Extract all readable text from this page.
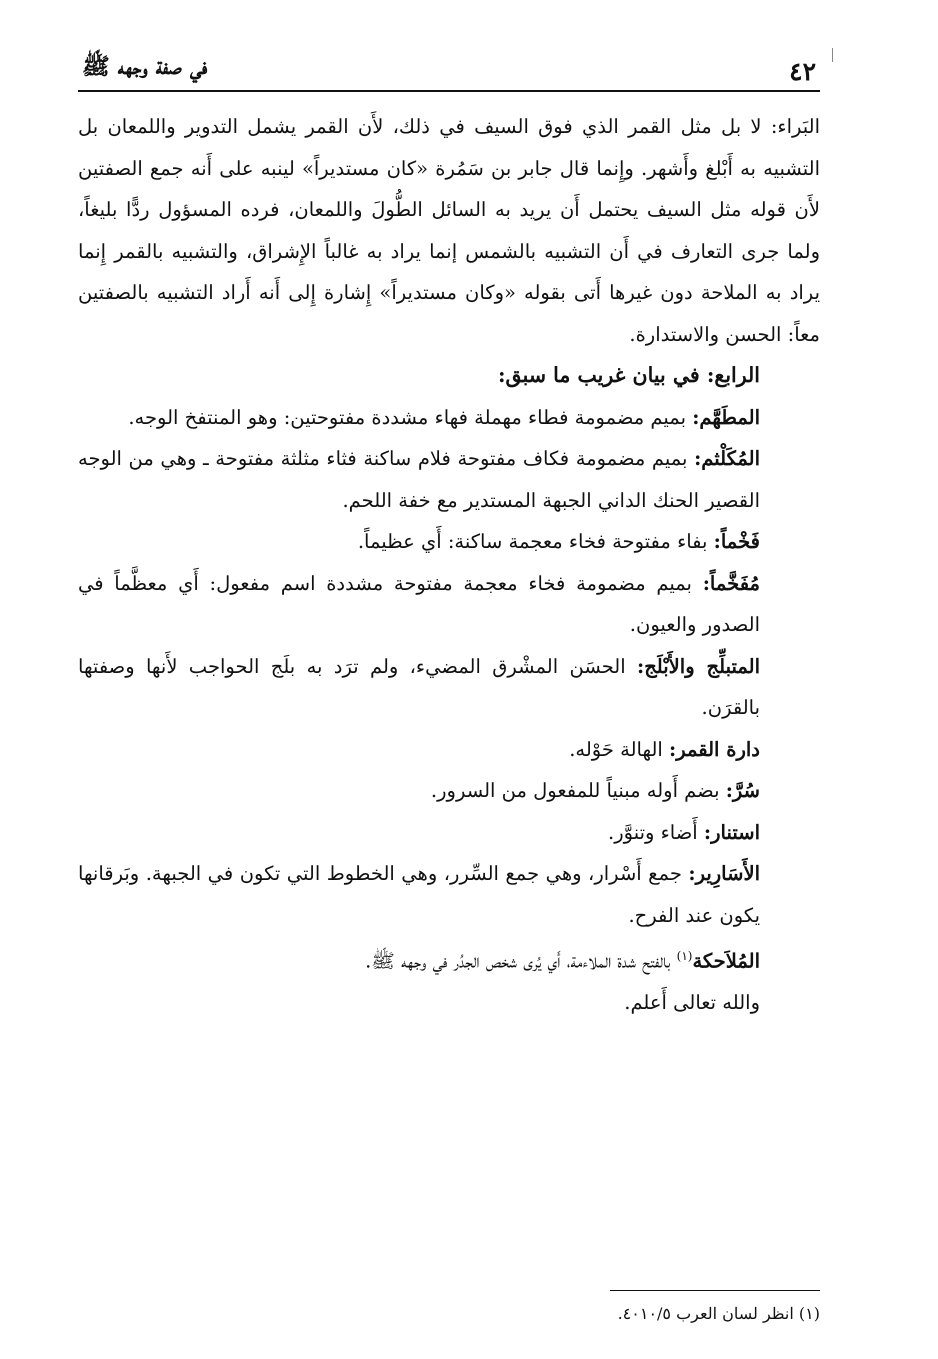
٤٢
في صفة وجهه ﷺ

البَراء: لا بل مثل القمر الذي فوق السيف في ذلك، لأَن القمر يشمل التدوير واللمعان بل التشبيه به أَبْلغ وأَشهر. وإِنما قال جابر بن سَمُرة «كان مستديراً» لينبه على أَنه جمع الصفتين لأَن قوله مثل السيف يحتمل أَن يريد به السائل الطُّولَ واللمعان، فرده المسؤول ردًّا بليغاً، ولما جرى التعارف في أَن التشبيه بالشمس إنما يراد به غالباً الإِشراق، والتشبيه بالقمر إِنما يراد به الملاحة دون غيرها أَتى بقوله «وكان مستديراً» إِشارة إِلى أَنه أَراد التشبيه بالصفتين معاً: الحسن والاستدارة.

الرابع: في بيان غريب ما سبق:

المطَهَّم: بميم مضمومة فطاء مهملة فهاء مشددة مفتوحتين: وهو المنتفخ الوجه.

المُكَلْثم: بميم مضمومة فكاف مفتوحة فلام ساكنة فثاء مثلثة مفتوحة ـ وهي من الوجه القصير الحنك الداني الجبهة المستدير مع خفة اللحم.

فَخْماً: بفاء مفتوحة فخاء معجمة ساكنة: أَي عظيماً.

مُفَخَّماً: بميم مضمومة فخاء معجمة مفتوحة مشددة اسم مفعول: أَي معظَّماً في الصدور والعيون.

المتبلِّج والأَبْلَج: الحسَن المشْرق المضيء، ولم ترَد به بلَج الحواجب لأَنها وصفتها بالقرَن.

دارة القمر: الهالة حَوْله.

سُرَّ: بضم أَوله مبنياً للمفعول من السرور.

استنار: أَضاء وتنوَّر.

الأَسَارِير: جمع أَسْرار، وهي جمع السِّرر، وهي الخطوط التي تكون في الجبهة. وبَرقانها يكون عند الفرح.

المُلاَحكة$^{(١)}$ بالفتح شدة الملاءمة، أَي يُرى شخص الجدُر في وجهه ﷺ.

والله تعالى أَعلم.

(١) انظر لسان العرب ٤٠١٠/٥.
